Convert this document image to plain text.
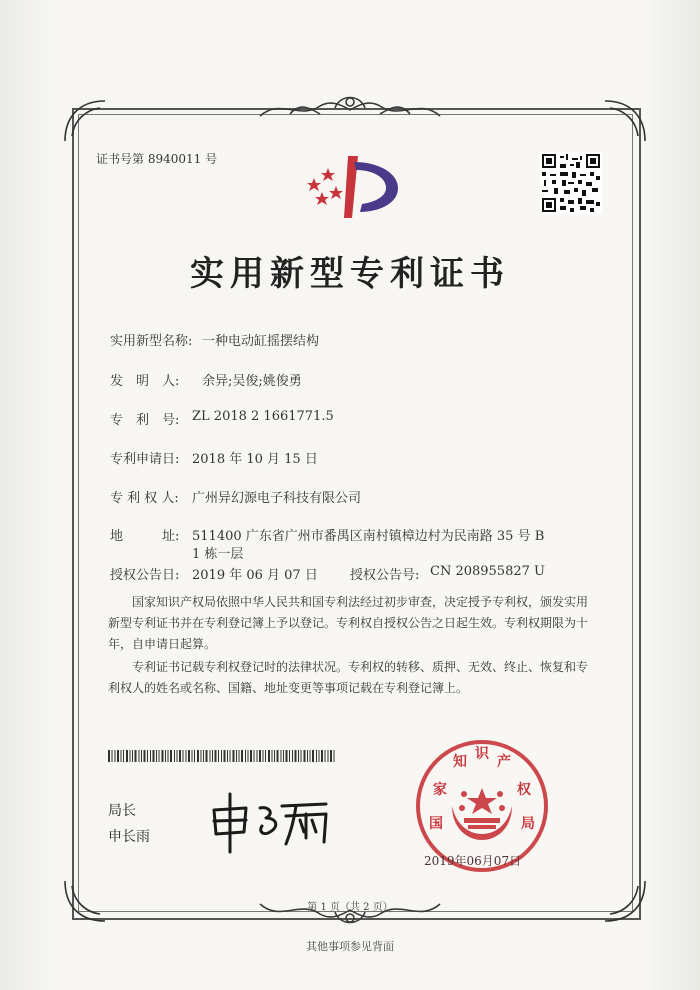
证书号第 8940011 号
实用新型专利证书
实用新型名称: 一种电动缸摇摆结构
发　明　人: 余异;吴俊;姚俊勇
专　利　号: ZL 2018 2 1661771.5
专利申请日: 2018 年 10 月 15 日
专 利 权 人: 广州异幻源电子科技有限公司
地　　　址: 511400 广东省广州市番禺区南村镇樟边村为民南路 35 号 B
1 栋一层
授权公告日: 2019 年 06 月 07 日 授权公告号: CN 208955827 U
国家知识产权局依照中华人民共和国专利法经过初步审查，决定授予专利权，颁发实用新型专利证书并在专利登记簿上予以登记。专利权自授权公告之日起生效。专利权期限为十年，自申请日起算。
专利证书记载专利权登记时的法律状况。专利权的转移、质押、无效、终止、恢复和专利权人的姓名或名称、国籍、地址变更等事项记载在专利登记簿上。
局长
申长雨
国
家
知 识 产
权
局
2019年06月07日
第 1 页（共 2 页）
其他事项参见背面
